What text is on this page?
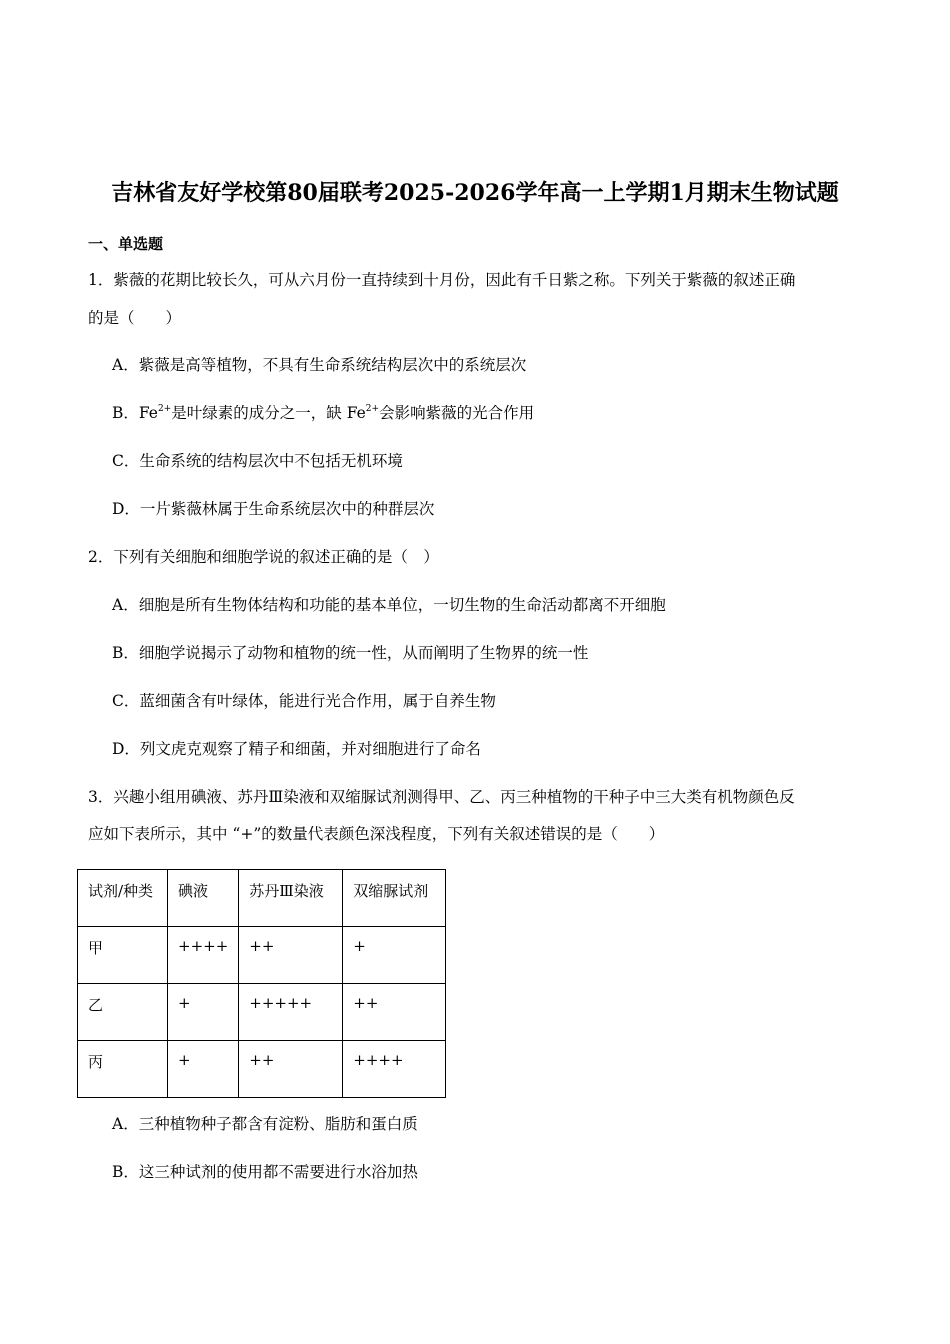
吉林省友好学校第80届联考2025-2026学年高一上学期1月期末生物试题
一、单选题
1．紫薇的花期比较长久，可从六月份一直持续到十月份，因此有千日紫之称。下列关于紫薇的叙述正确
的是（　　）
A．紫薇是高等植物，不具有生命系统结构层次中的系统层次
B．$Fe^{2+}$是叶绿素的成分之一，缺 $Fe^{2+}$会影响紫薇的光合作用
C．生命系统的结构层次中不包括无机环境
D．一片紫薇林属于生命系统层次中的种群层次
2．下列有关细胞和细胞学说的叙述正确的是（　）
A．细胞是所有生物体结构和功能的基本单位，一切生物的生命活动都离不开细胞
B．细胞学说揭示了动物和植物的统一性，从而阐明了生物界的统一性
C．蓝细菌含有叶绿体，能进行光合作用，属于自养生物
D．列文虎克观察了精子和细菌，并对细胞进行了命名
3．兴趣小组用碘液、苏丹Ⅲ染液和双缩脲试剂测得甲、乙、丙三种植物的干种子中三大类有机物颜色反
应如下表所示，其中 “+”的数量代表颜色深浅程度，下列有关叙述错误的是（　　）
试剂/种类	碘液	苏丹Ⅲ染液	双缩脲试剂
甲	++++	++	+
乙	+	+++++	++
丙	+	++	++++
A．三种植物种子都含有淀粉、脂肪和蛋白质
B．这三种试剂的使用都不需要进行水浴加热
